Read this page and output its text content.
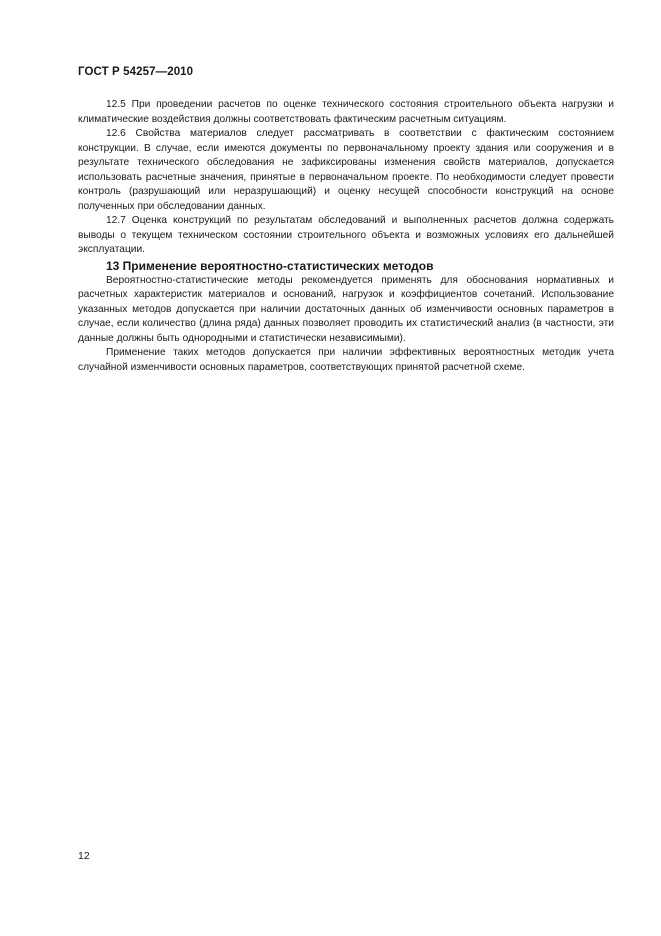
ГОСТ Р 54257—2010

12.5 При проведении расчетов по оценке технического состояния строительного объекта нагрузки и климатические воздействия должны соответствовать фактическим расчетным ситуациям.

12.6 Свойства материалов следует рассматривать в соответствии с фактическим состоянием конструкции. В случае, если имеются документы по первоначальному проекту здания или сооружения и в результате технического обследования не зафиксированы изменения свойств материалов, допускается использовать расчетные значения, принятые в первоначальном проекте. По необходимости следует провести контроль (разрушающий или неразрушающий) и оценку несущей способности конструкций на основе полученных при обследовании данных.

12.7 Оценка конструкций по результатам обследований и выполненных расчетов должна содержать выводы о текущем техническом состоянии строительного объекта и возможных условиях его дальнейшей эксплуатации.

13 Применение вероятностно-статистических методов

Вероятностно-статистические методы рекомендуется применять для обоснования нормативных и расчетных характеристик материалов и оснований, нагрузок и коэффициентов сочетаний. Использование указанных методов допускается при наличии достаточных данных об изменчивости основных параметров в случае, если количество (длина ряда) данных позволяет проводить их статистический анализ (в частности, эти данные должны быть однородными и статистически независимыми).

Применение таких методов допускается при наличии эффективных вероятностных методик учета случайной изменчивости основных параметров, соответствующих принятой расчетной схеме.

12
